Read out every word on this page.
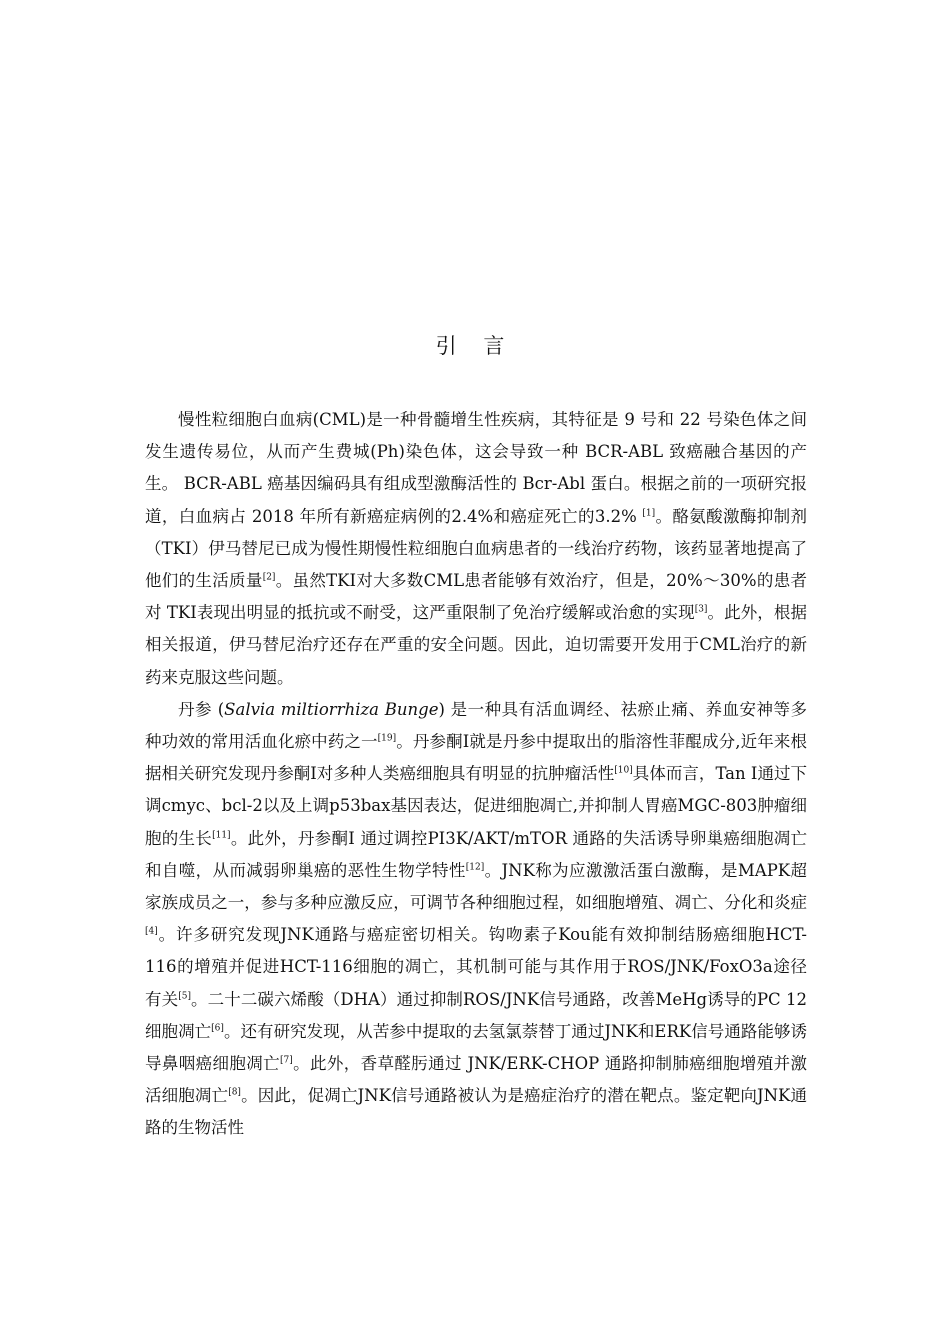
引 言

慢性粒细胞白血病(CML)是一种骨髓增生性疾病，其特征是 9 号和 22 号染色体之间发生遗传易位，从而产生费城(Ph)染色体，这会导致一种 BCR-ABL 致癌融合基因的产生。 BCR-ABL 癌基因编码具有组成型激酶活性的 Bcr-Abl 蛋白。根据之前的一项研究报道，白血病占 2018 年所有新癌症病例的2.4%和癌症死亡的3.2% [1]。酪氨酸激酶抑制剂（TKI）伊马替尼已成为慢性期慢性粒细胞白血病患者的一线治疗药物，该药显著地提高了他们的生活质量[2]。虽然TKI对大多数CML患者能够有效治疗，但是，20%～30%的患者对 TKI表现出明显的抵抗或不耐受，这严重限制了免治疗缓解或治愈的实现[3]。此外，根据相关报道，伊马替尼治疗还存在严重的安全问题。因此，迫切需要开发用于CML治疗的新药来克服这些问题。

丹参 (Salvia miltiorrhiza Bunge) 是一种具有活血调经、祛瘀止痛、养血安神等多种功效的常用活血化瘀中药之一[19]。丹参酮Ⅰ就是丹参中提取出的脂溶性菲醌成分,近年来根据相关研究发现丹参酮Ⅰ对多种人类癌细胞具有明显的抗肿瘤活性[10]具体而言，Tan Ⅰ通过下调cmyc、bcl-2以及上调p53bax基因表达，促进细胞凋亡,并抑制人胃癌MGC-803肿瘤细胞的生长[11]。此外，丹参酮Ⅰ 通过调控PI3K/AKT/mTOR 通路的失活诱导卵巢癌细胞凋亡和自噬，从而减弱卵巢癌的恶性生物学特性[12]。JNK称为应激激活蛋白激酶，是MAPK超家族成员之一，参与多种应激反应，可调节各种细胞过程，如细胞增殖、凋亡、分化和炎症[4]。许多研究发现JNK通路与癌症密切相关。钩吻素子Kou能有效抑制结肠癌细胞HCT-116的增殖并促进HCT-116细胞的凋亡，其机制可能与其作用于ROS/JNK/FoxO3a途径有关[5]。二十二碳六烯酸（DHA）通过抑制ROS/JNK信号通路，改善MeHg诱导的PC 12细胞凋亡[6]。还有研究发现，从苦参中提取的去氢氯萘替丁通过JNK和ERK信号通路能够诱导鼻咽癌细胞凋亡[7]。此外，香草醛肟通过 JNK/ERK-CHOP 通路抑制肺癌细胞增殖并激活细胞凋亡[8]。因此，促凋亡JNK信号通路被认为是癌症治疗的潜在靶点。鉴定靶向JNK通路的生物活性
